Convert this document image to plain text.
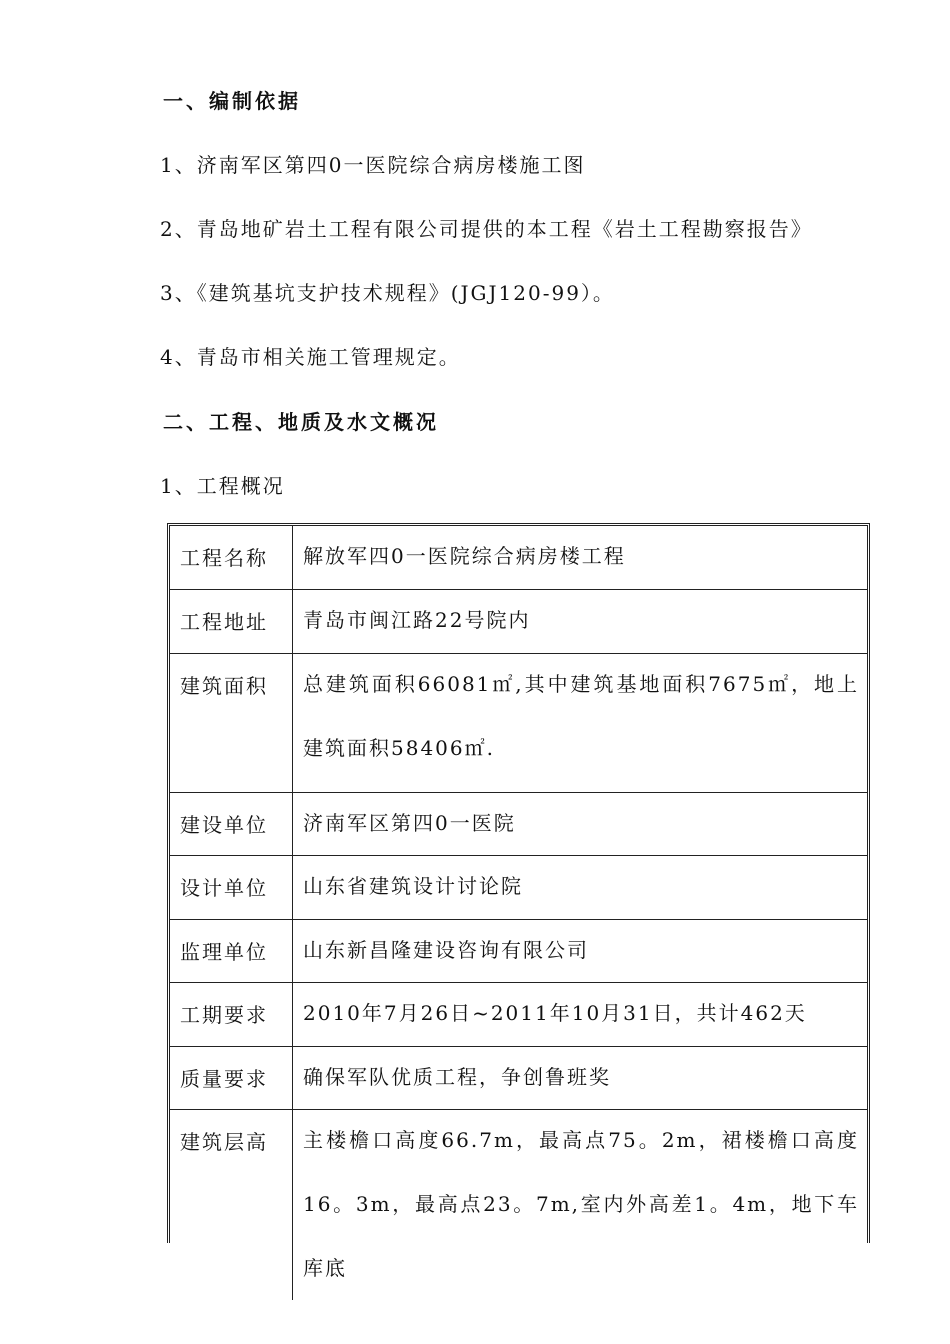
一、编制依据
1、济南军区第四0一医院综合病房楼施工图
2、青岛地矿岩土工程有限公司提供的本工程《岩土工程勘察报告》
3、《建筑基坑支护技术规程》(JGJ120-99）。
4、青岛市相关施工管理规定。
二、工程、地质及水文概况
1、工程概况
工程名称	解放军四0一医院综合病房楼工程

工程地址	青岛市闽江路22号院内

建筑面积	总建筑面积66081㎡,其中建筑基地面积7675㎡，地上建筑面积58406㎡.

建设单位	济南军区第四0一医院

设计单位	山东省建筑设计讨论院

监理单位	山东新昌隆建设咨询有限公司

工期要求	2010年7月26日~2011年10月31日，共计462天

质量要求	确保军队优质工程，争创鲁班奖

建筑层高	主楼檐口高度66.7m，最高点75。2m，裙楼檐口高度16。3m，最高点23。7m,室内外高差1。4m，地下车库底
